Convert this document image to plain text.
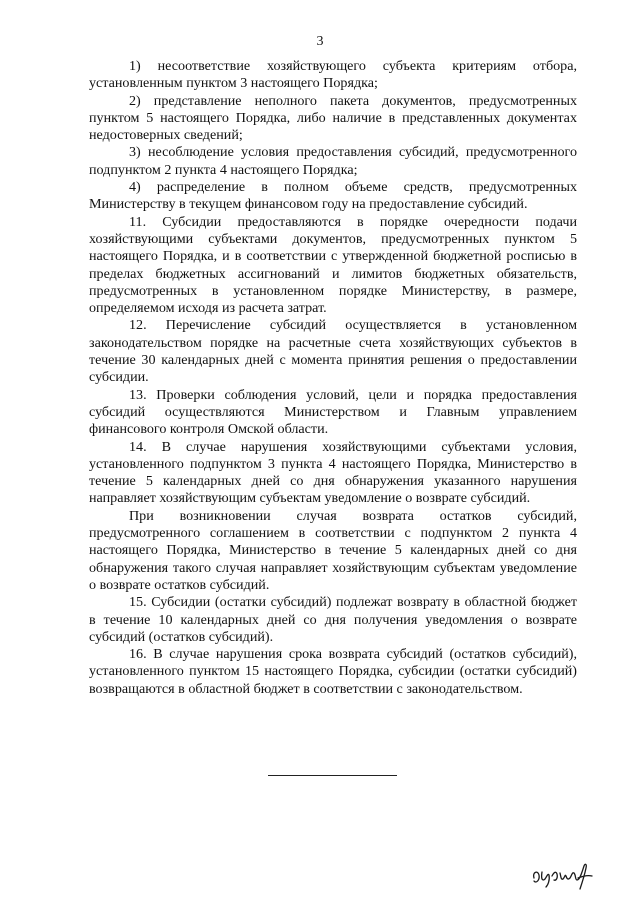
3

1) несоответствие хозяйствующего субъекта критериям отбора, установленным пунктом 3 настоящего Порядка;

2) представление неполного пакета документов, предусмотренных пунктом 5 настоящего Порядка, либо наличие в представленных документах недостоверных сведений;

3) несоблюдение условия предоставления субсидий, предусмотренного подпунктом 2 пункта 4 настоящего Порядка;

4) распределение в полном объеме средств, предусмотренных Министерству в текущем финансовом году на предоставление субсидий.

11. Субсидии предоставляются в порядке очередности подачи хозяйствующими субъектами документов, предусмотренных пунктом 5 настоящего Порядка, и в соответствии с утвержденной бюджетной росписью в пределах бюджетных ассигнований и лимитов бюджетных обязательств, предусмотренных в установленном порядке Министерству, в размере, определяемом исходя из расчета затрат.

12. Перечисление субсидий осуществляется в установленном законодательством порядке на расчетные счета хозяйствующих субъектов в течение 30 календарных дней с момента принятия решения о предоставлении субсидии.

13. Проверки соблюдения условий, цели и порядка предоставления субсидий осуществляются Министерством и Главным управлением финансового контроля Омской области.

14. В случае нарушения хозяйствующими субъектами условия, установленного подпунктом 3 пункта 4 настоящего Порядка, Министерство в течение 5 календарных дней со дня обнаружения указанного нарушения направляет хозяйствующим субъектам уведомление о возврате субсидий.

При возникновении случая возврата остатков субсидий, предусмотренного соглашением в соответствии с подпунктом 2 пункта 4 настоящего Порядка, Министерство в течение 5 календарных дней со дня обнаружения такого случая направляет хозяйствующим субъектам уведомление о возврате остатков субсидий.

15. Субсидии (остатки субсидий) подлежат возврату в областной бюджет в течение 10 календарных дней со дня получения уведомления о возврате субсидий (остатков субсидий).

16. В случае нарушения срока возврата субсидий (остатков субсидий), установленного пунктом 15 настоящего Порядка, субсидии (остатки субсидий) возвращаются в областной бюджет в соответствии с законодательством.
